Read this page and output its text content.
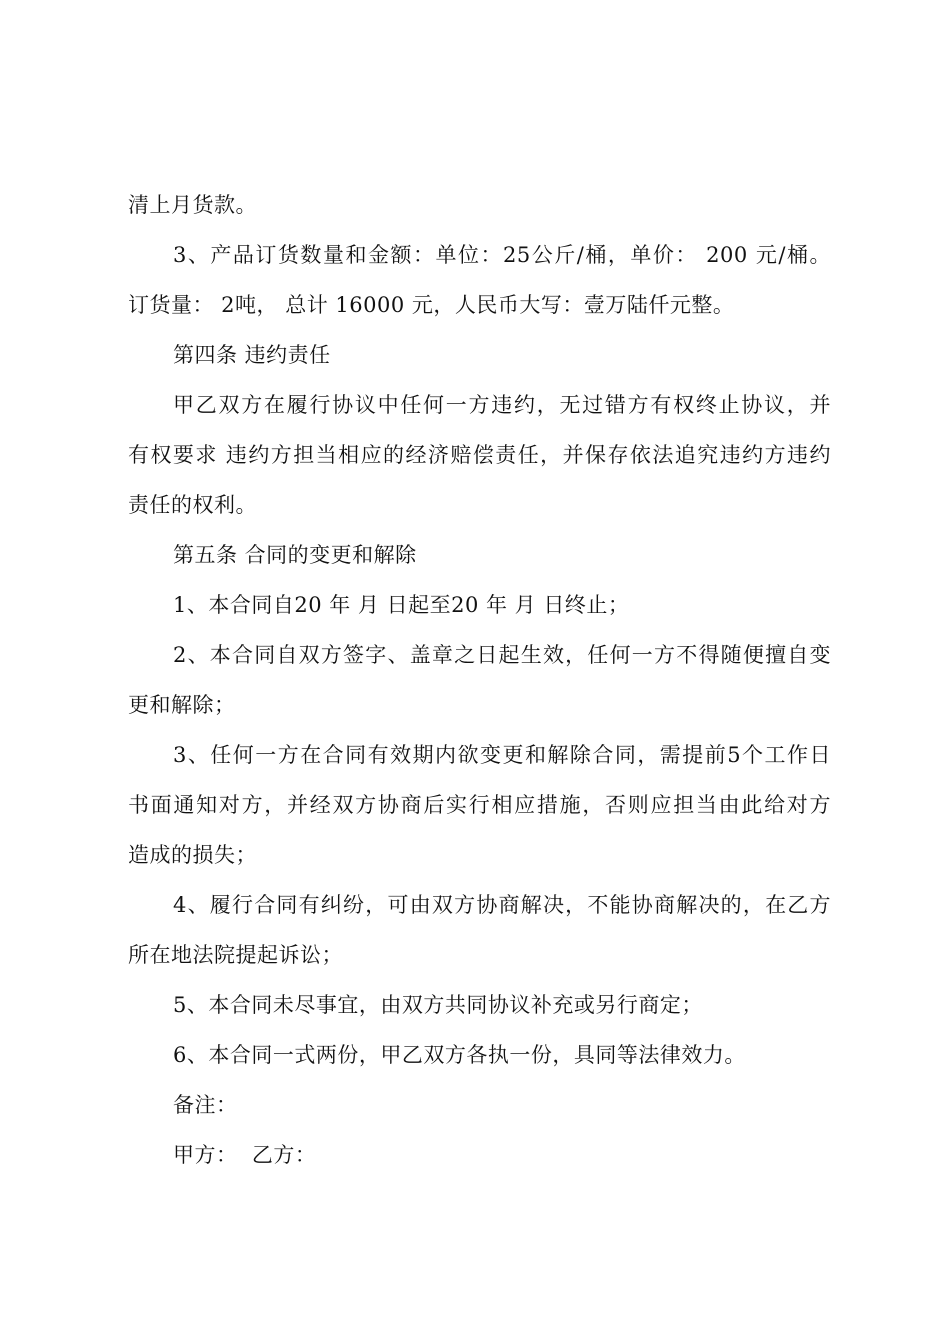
清上月货款。
3、产品订货数量和金额：单位：25公斤/桶，单价： 200 元/桶。
订货量： 2吨， 总计 16000 元，人民币大写：壹万陆仟元整。
第四条 违约责任
甲乙双方在履行协议中任何一方违约，无过错方有权终止协议，并
有权要求 违约方担当相应的经济赔偿责任，并保存依法追究违约方违约
责任的权利。
第五条 合同的变更和解除
1、本合同自20 年 月 日起至20 年 月 日终止；
2、本合同自双方签字、盖章之日起生效，任何一方不得随便擅自变
更和解除；
3、任何一方在合同有效期内欲变更和解除合同，需提前5个工作日
书面通知对方，并经双方协商后实行相应措施，否则应担当由此给对方
造成的损失；
4、履行合同有纠纷，可由双方协商解决，不能协商解决的，在乙方
所在地法院提起诉讼；
5、本合同未尽事宜，由双方共同协议补充或另行商定；
6、本合同一式两份，甲乙双方各执一份，具同等法律效力。
备注：
甲方：  乙方：
